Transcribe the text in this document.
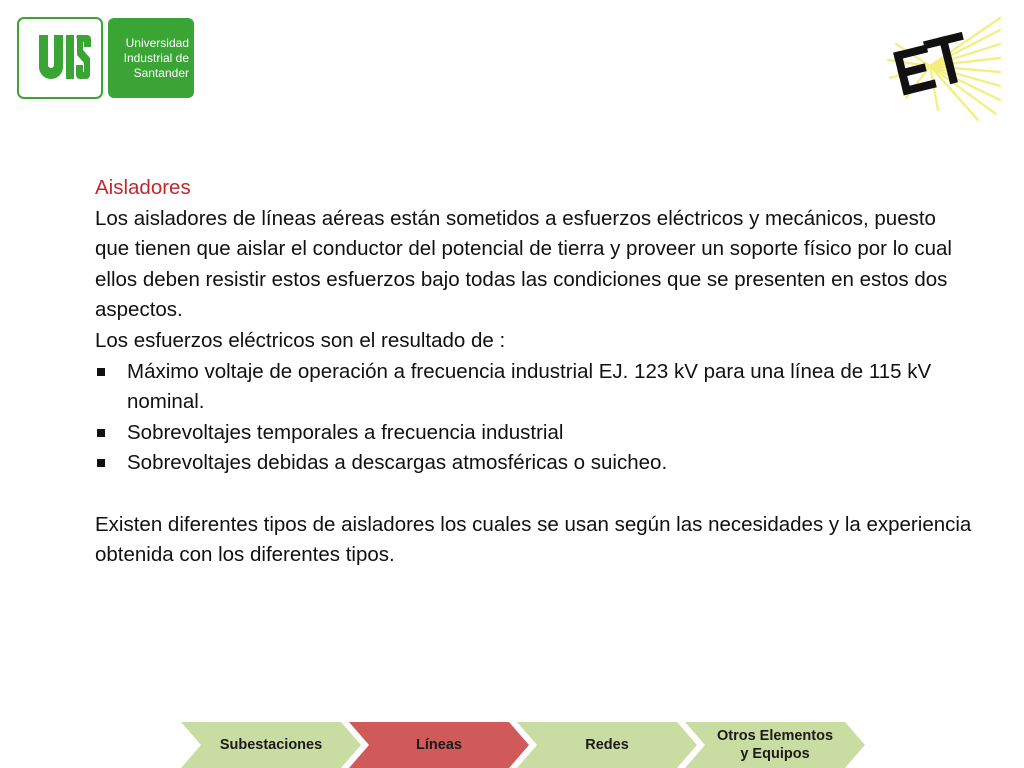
Universidad
Industrial de
Santander

Aisladores

Los aisladores de líneas aéreas están sometidos a esfuerzos eléctricos y mecánicos, puesto que tienen que aislar el conductor del potencial de tierra y proveer un soporte físico por lo cual ellos deben resistir estos esfuerzos bajo todas las condiciones que se presenten en estos dos aspectos.

Los esfuerzos eléctricos son el resultado de :

Máximo voltaje de operación a frecuencia industrial EJ. 123 kV para una línea de 115 kV nominal.
Sobrevoltajes temporales a frecuencia industrial
Sobrevoltajes debidas a descargas atmosféricas o suicheo.

Existen diferentes tipos de aisladores los cuales se usan según las necesidades y la experiencia obtenida con los diferentes tipos.

Subestaciones	Líneas	Redes
Otros Elementos
y Equipos
